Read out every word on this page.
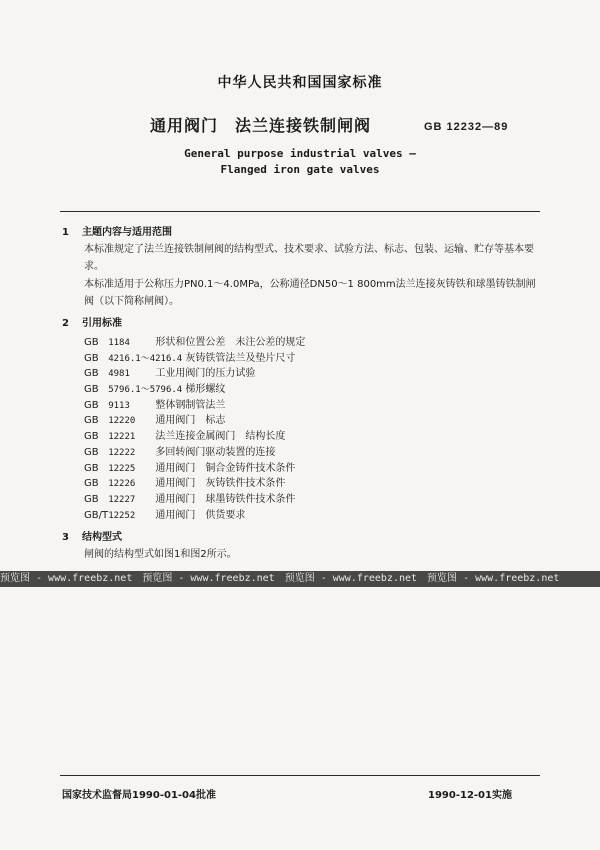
中华人民共和国国家标准
通用阀门　法兰连接铁制闸阀	GB 12232—89
General purpose industrial valves —
Flanged iron gate valves
1 主题内容与适用范围
本标准规定了法兰连接铁制闸阀的结构型式、技术要求、试验方法、标志、包装、运输、贮存等基本要求。
本标准适用于公称压力PN0.1～4.0MPa，公称通径DN50～1 800mm法兰连接灰铸铁和球墨铸铁制闸阀（以下简称闸阀）。
2 引用标准
GB 1184	形状和位置公差　未注公差的规定
GB 4216.1～4216.4 灰铸铁管法兰及垫片尺寸
GB 4981	工业用阀门的压力试验
GB 5796.1～5796.4 梯形螺纹
GB 9113	整体钢制管法兰
GB 12220 通用阀门　标志
GB 12221 法兰连接金属阀门　结构长度
GB 12222 多回转阀门驱动装置的连接
GB 12225 通用阀门　铜合金铸件技术条件
GB 12226 通用阀门　灰铸铁件技术条件
GB 12227 通用阀门　球墨铸铁件技术条件
GB/T 12252 通用阀门　供货要求
3 结构型式
闸阀的结构型式如图1和图2所示。
预览图 - www.freebz.net　预览图 - www.freebz.net　预览图 - www.freebz.net　预览图 - www.freebz.net
国家技术监督局1990-01-04批准	1990-12-01实施
